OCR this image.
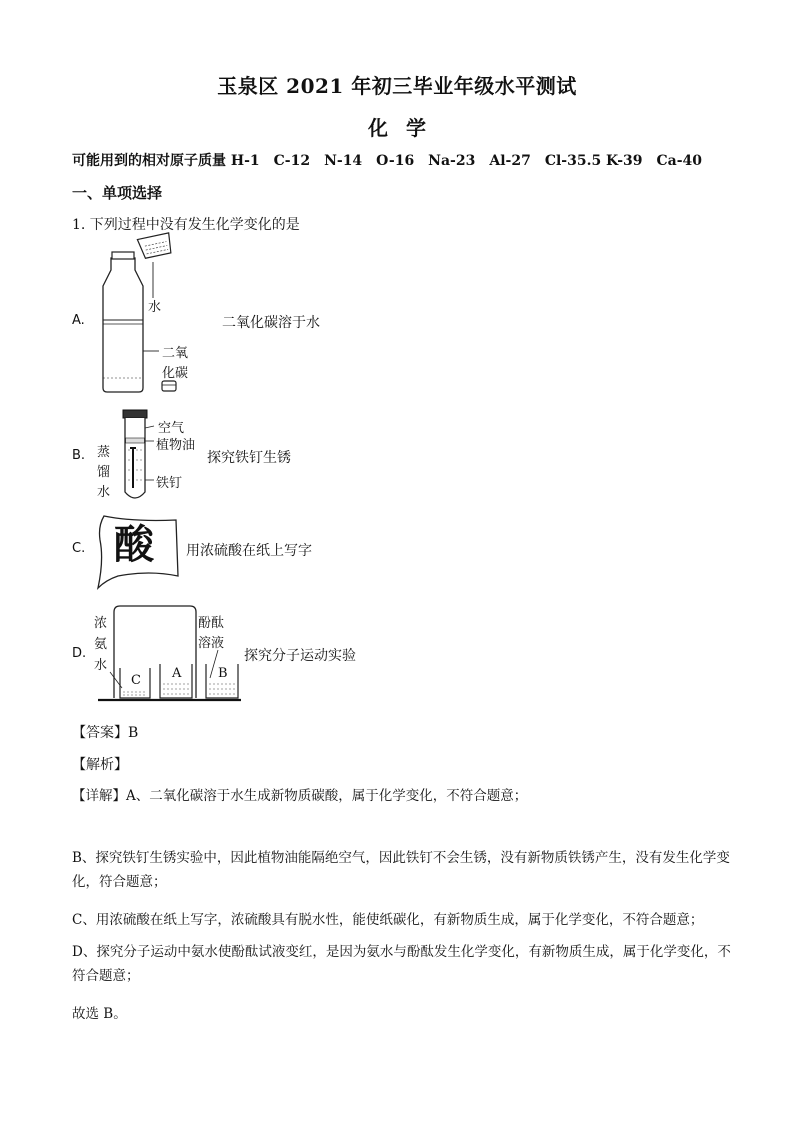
玉泉区 2021 年初三毕业年级水平测试
化学
可能用到的相对原子质量 H-1　C-12　N-14　O-16　Na-23　Al-27　Cl-35.5 K-39　Ca-40
一、单项选择
1. 下列过程中没有发生化学变化的是
A.
水
二氧
化碳
二氧化碳溶于水
B.
空气
植物油
蒸
馏
水
铁钉
探究铁钉生锈
C. 酸 用浓硫酸在纸上写字
D.
浓
氨
水
酚酞
溶液
C A	B
探究分子运动实验
【答案】B
【解析】
【详解】A、二氧化碳溶于水生成新物质碳酸，属于化学变化，不符合题意；
B、探究铁钉生锈实验中，因此植物油能隔绝空气，因此铁钉不会生锈，没有新物质铁锈产生，没有发生化学变化，符合题意；
C、用浓硫酸在纸上写字，浓硫酸具有脱水性，能使纸碳化，有新物质生成，属于化学变化，不符合题意；
D、探究分子运动中氨水使酚酞试液变红，是因为氨水与酚酞发生化学变化，有新物质生成，属于化学变化，不符合题意；
故选 B。
